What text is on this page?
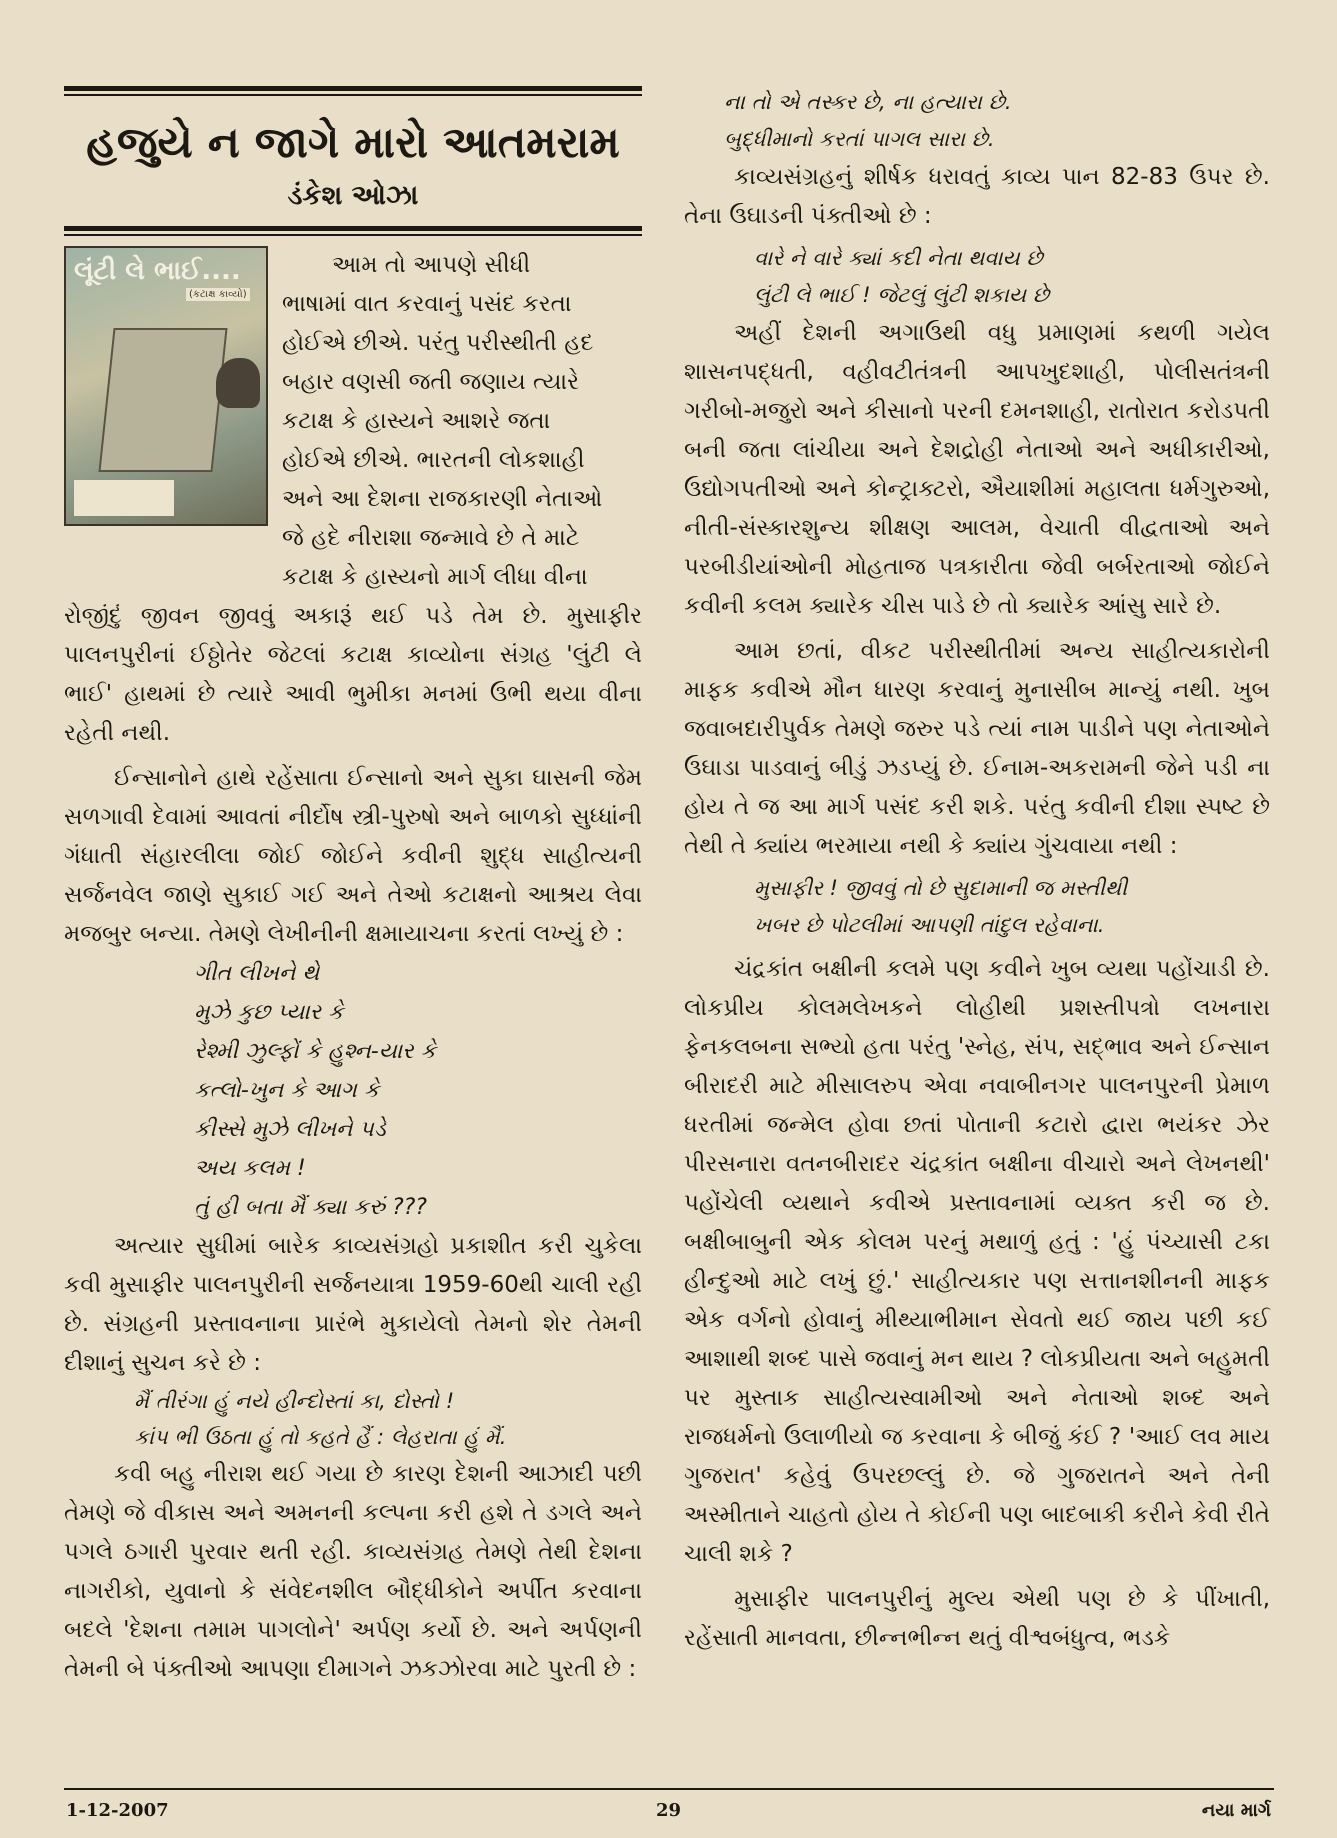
હજુયે ન જાગે મારો આતમરામ
ડંકેશ ઓઝા
લૂંટી લે ભાઈ....
(કટાક્ષ કાવ્યો)

આમ તો આપણે સીધી

ભાષામાં વાત કરવાનું પસંદ કરતા

હોઈએ છીએ. પરંતુ પરીસ્થીતી હદ

બહાર વણસી જતી જણાય ત્યારે

કટાક્ષ કે હાસ્યને આશરે જતા

હોઈએ છીએ. ભારતની લોકશાહી

અને આ દેશના રાજકારણી નેતાઓ

જે હદે નીરાશા જન્માવે છે તે માટે

કટાક્ષ કે હાસ્યનો માર્ગ લીધા વીના

રોજીંદું જીવન જીવવું અકારૂં થઈ પડે તેમ છે. મુસાફીર પાલનપુરીનાં ઈઠ્ઠોતેર જેટલાં કટાક્ષ કાવ્યોના સંગ્રહ 'લુંટી લે ભાઈ' હાથમાં છે ત્યારે આવી ભુમીકા મનમાં ઉભી થયા વીના રહેતી નથી.

ઈન્સાનોને હાથે રહેંસાતા ઈન્સાનો અને સુકા ઘાસની જેમ સળગાવી દેવામાં આવતાં નીર્દોષ સ્ત્રી-પુરુષો અને બાળકો સુધ્ધાંની ગંધાતી સંહારલીલા જોઈ જોઈને કવીની શુદ્ધ સાહીત્યની સર્જનવેલ જાણે સુકાઈ ગઈ અને તેઓ કટાક્ષનો આશ્રય લેવા મજબુર બન્યા. તેમણે લેખીનીની ક્ષમાયાચના કરતાં લખ્યું છે :

ગીત લીખને થે
મુઝે કુછ પ્યાર કે
રેશ્મી ઝુલ્ફોં કે હુશ્ન-યાર કે
કત્લો-ખુન કે આગ કે
કીસ્સે મુઝે લીખને પડે
અય કલમ !
તું હી બતા મૈં ક્યા કરું ???

અત્યાર સુધીમાં બારેક કાવ્યસંગ્રહો પ્રકાશીત કરી ચુકેલા કવી મુસાફીર પાલનપુરીની સર્જનયાત્રા 1959-60થી ચાલી રહી છે. સંગ્રહની પ્રસ્તાવનાના પ્રારંભે મુકાયેલો તેમનો શેર તેમની દીશાનું સુચન કરે છે :

મૈં તીરંગા હું નયે હીન્દોસ્તાં કા, દોસ્તો !
કાંપ ભી ઉઠતા હું તો કહતે હૈં : લેહરાતા હું મૈં.

કવી બહુ નીરાશ થઈ ગયા છે કારણ દેશની આઝાદી પછી તેમણે જે વીકાસ અને અમનની કલ્પના કરી હશે તે ડગલે અને પગલે ઠગારી પુરવાર થતી રહી. કાવ્યસંગ્રહ તેમણે તેથી દેશના નાગરીકો, યુવાનો કે સંવેદનશીલ બૌદ્ધીકોને અર્પીત કરવાના બદલે 'દેશના તમામ પાગલોને' અર્પણ કર્યો છે. અને અર્પણની તેમની બે પંક્તીઓ આપણા દીમાગને ઝકઝોરવા માટે પુરતી છે :

ના તો એ તસ્કર છે, ના હત્યારા છે.
બુદ્ધીમાનો કરતાં પાગલ સારા છે.

કાવ્યસંગ્રહનું શીર્ષક ધરાવતું કાવ્ય પાન 82-83 ઉપર છે. તેના ઉઘાડની પંક્તીઓ છે :

વારે ને વારે ક્યાં કદી નેતા થવાય છે
લુંટી લે ભાઈ ! જેટલું લુંટી શકાય છે

અહીં દેશની અગાઉથી વધુ પ્રમાણમાં કથળી ગયેલ શાસનપદ્ધતી, વહીવટીતંત્રની આપખુદશાહી, પોલીસતંત્રની ગરીબો-મજુરો અને કીસાનો પરની દમનશાહી, રાતોરાત કરોડપતી બની જતા લાંચીયા અને દેશદ્રોહી નેતાઓ અને અધીકારીઓ, ઉદ્યોગપતીઓ અને કોન્ટ્રાક્ટરો, ઐયાશીમાં મહાલતા ધર્મગુરુઓ, નીતી-સંસ્કારશુન્ય શીક્ષણ આલમ, વેચાતી વીદ્વતાઓ અને પરબીડીયાંઓની મોહતાજ પત્રકારીતા જેવી બર્બરતાઓ જોઈને કવીની કલમ ક્યારેક ચીસ પાડે છે તો ક્યારેક આંસુ સારે છે.

આમ છતાં, વીકટ પરીસ્થીતીમાં અન્ય સાહીત્યકારોની માફક કવીએ મૌન ધારણ કરવાનું મુનાસીબ માન્યું નથી. ખુબ જવાબદારીપુર્વક તેમણે જરુર પડે ત્યાં નામ પાડીને પણ નેતાઓને ઉઘાડા પાડવાનું બીડું ઝડપ્યું છે. ઈનામ-અકરામની જેને પડી ના હોય તે જ આ માર્ગ પસંદ કરી શકે. પરંતુ કવીની દીશા સ્પષ્ટ છે તેથી તે ક્યાંય ભરમાયા નથી કે ક્યાંય ગુંચવાયા નથી :

મુસાફીર ! જીવવું તો છે સુદામાની જ મસ્તીથી
ખબર છે પોટલીમાં આપણી તાંદુલ રહેવાના.

ચંદ્રકાંત બક્ષીની કલમે પણ કવીને ખુબ વ્યથા પહોંચાડી છે. લોકપ્રીય કોલમલેખકને લોહીથી પ્રશસ્તીપત્રો લખનારા ફેનકલબના સભ્યો હતા પરંતુ 'સ્નેહ, સંપ, સદ્ભાવ અને ઈન્સાન બીરાદરી માટે મીસાલરુપ એવા નવાબીનગર પાલનપુરની પ્રેમાળ ધરતીમાં જન્મેલ હોવા છતાં પોતાની કટારો દ્વારા ભયંકર ઝેર પીરસનારા વતનબીરાદર ચંદ્રકાંત બક્ષીના વીચારો અને લેખનથી' પહોંચેલી વ્યથાને કવીએ પ્રસ્તાવનામાં વ્યક્ત કરી જ છે. બક્ષીબાબુની એક કોલમ પરનું મથાળું હતું : 'હું પંચ્યાસી ટકા હીન્દુઓ માટે લખું છું.' સાહીત્યકાર પણ સત્તાનશીનની માફક એક વર્ગનો હોવાનું મીથ્યાભીમાન સેવતો થઈ જાય પછી કઈ આશાથી શબ્દ પાસે જવાનું મન થાય ? લોકપ્રીયતા અને બહુમતી પર મુસ્તાક સાહીત્યસ્વામીઓ અને નેતાઓ શબ્દ અને રાજધર્મનો ઉલાળીયો જ કરવાના કે બીજું કંઈ ? 'આઈ લવ માય ગુજરાત' કહેવું ઉપરછલ્લું છે. જે ગુજરાતને અને તેની અસ્મીતાને ચાહતો હોય તે કોઈની પણ બાદબાકી કરીને કેવી રીતે ચાલી શકે ?

મુસાફીર પાલનપુરીનું મુલ્ય એથી પણ છે કે પીંખાતી, રહેંસાતી માનવતા, છીન્નભીન્ન થતું વીશ્વબંધુત્વ, ભડકે

1-12-2007	29	નયા માર્ગ
